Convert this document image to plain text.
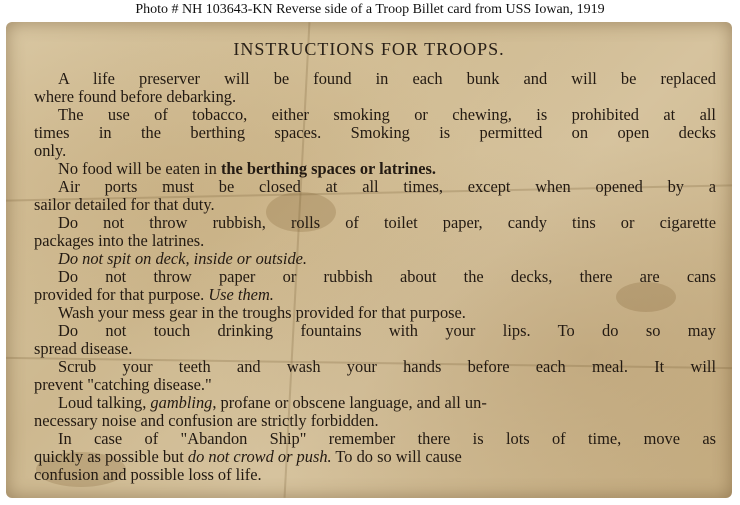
Photo # NH 103643-KN Reverse side of a Troop Billet card from USS Iowan, 1919
INSTRUCTIONS FOR TROOPS.
A life preserver will be found in each bunk and will be replaced
where found before debarking.
The use of tobacco, either smoking or chewing, is prohibited at all
times in the berthing spaces. Smoking is permitted on open decks
only.
No food will be eaten in the berthing spaces or latrines.
Air ports must be closed at all times, except when opened by a
sailor detailed for that duty.
Do not throw rubbish, rolls of toilet paper, candy tins or cigarette
packages into the latrines.
Do not spit on deck, inside or outside.
Do not throw paper or rubbish about the decks, there are cans
provided for that purpose. Use them.
Wash your mess gear in the troughs provided for that purpose.
Do not touch drinking fountains with your lips. To do so may
spread disease.
Scrub your teeth and wash your hands before each meal. It will
prevent "catching disease."
Loud talking, gambling, profane or obscene language, and all un-
necessary noise and confusion are strictly forbidden.
In case of "Abandon Ship" remember there is lots of time, move as
quickly as possible but do not crowd or push. To do so will cause
confusion and possible loss of life.
